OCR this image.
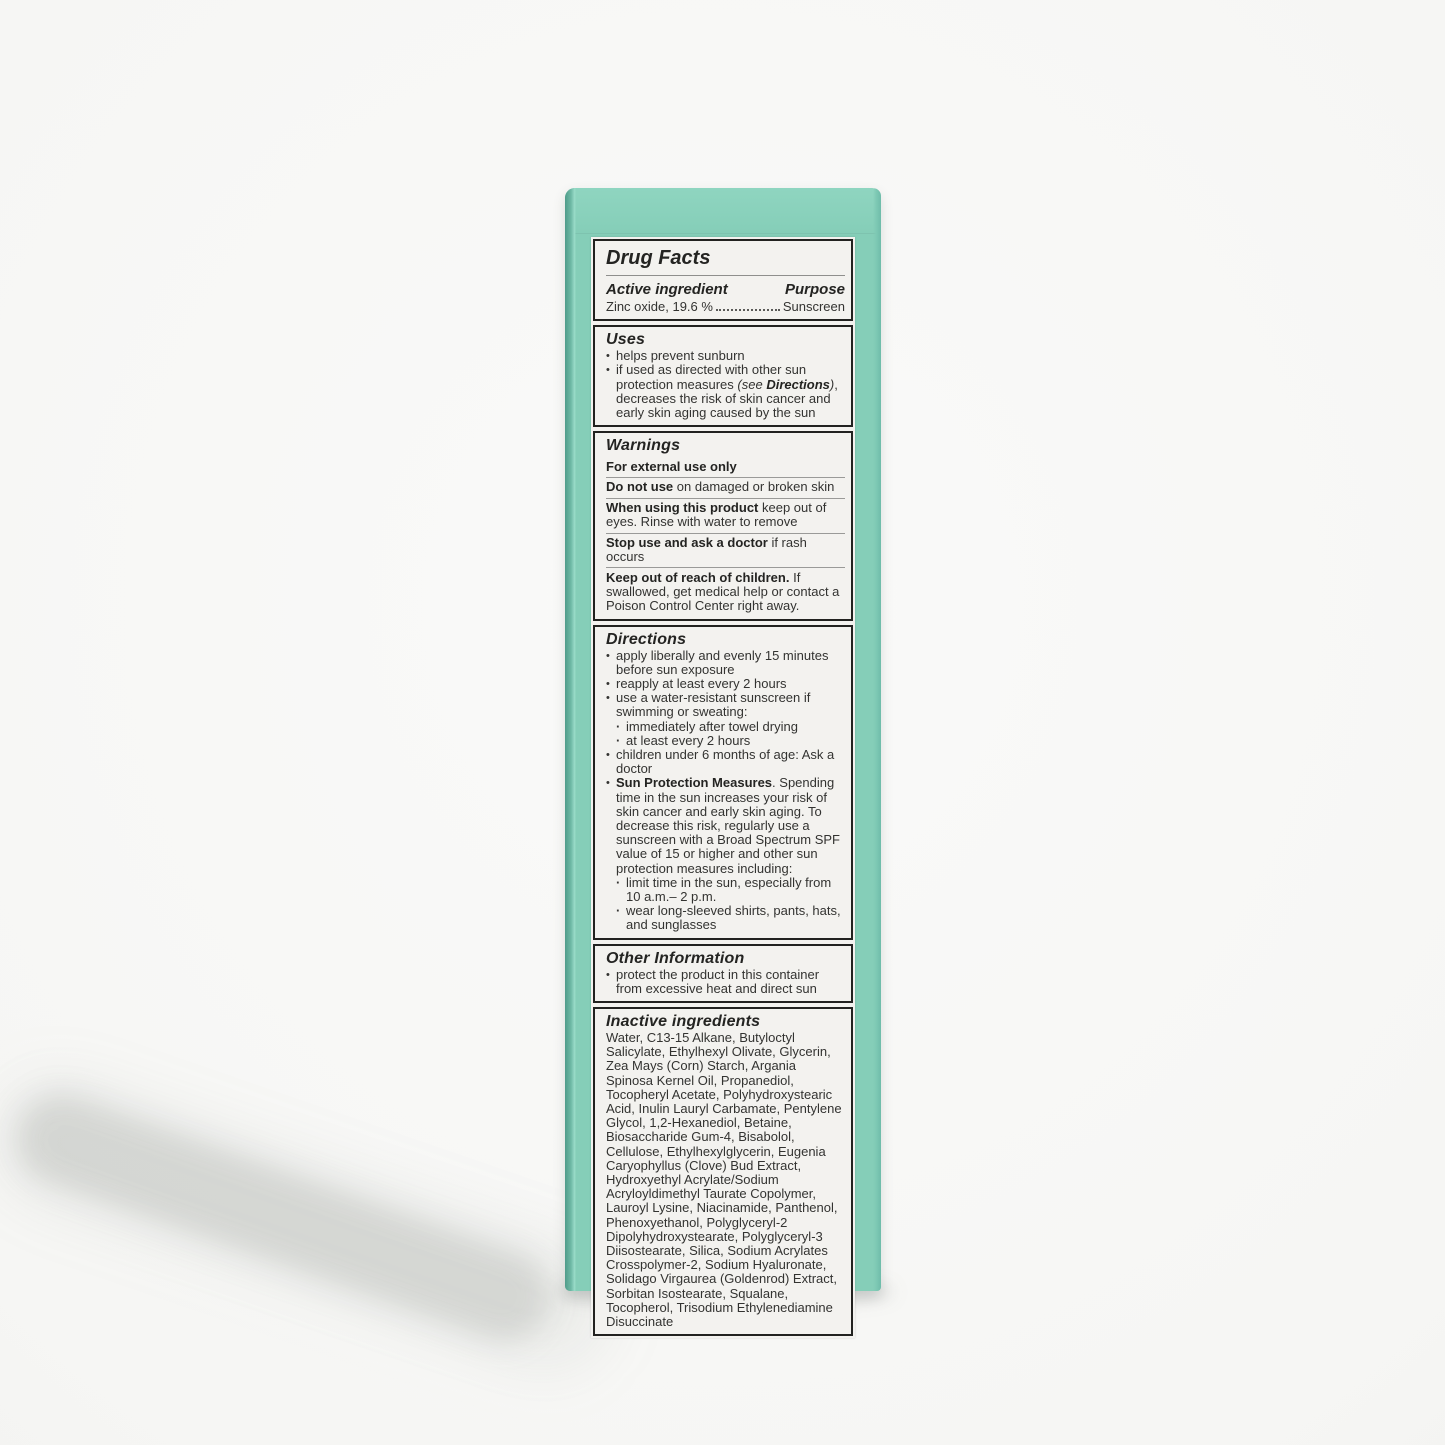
Drug Facts
Active ingredient	Purpose
Zinc oxide, 19.6 %	Sunscreen
Uses
• helps prevent sunburn
• if used as directed with other sun protection measures (see Directions), decreases the risk of skin cancer and early skin aging caused by the sun
Warnings
For external use only
Do not use on damaged or broken skin
When using this product keep out of eyes. Rinse with water to remove
Stop use and ask a doctor if rash occurs
Keep out of reach of children. If swallowed, get medical help or contact a Poison Control Center right away.
Directions
• apply liberally and evenly 15 minutes before sun exposure
• reapply at least every 2 hours
• use a water-resistant sunscreen if swimming or sweating:
· immediately after towel drying
· at least every 2 hours
• children under 6 months of age: Ask a doctor
• Sun Protection Measures. Spending time in the sun increases your risk of skin cancer and early skin aging. To decrease this risk, regularly use a sunscreen with a Broad Spectrum SPF value of 15 or higher and other sun protection measures including:
· limit time in the sun, especially from 10 a.m.– 2 p.m.
· wear long-sleeved shirts, pants, hats, and sunglasses
Other Information
• protect the product in this container from excessive heat and direct sun
Inactive ingredients
Water, C13-15 Alkane, Butyloctyl Salicylate, Ethylhexyl Olivate, Glycerin, Zea Mays (Corn) Starch, Argania Spinosa Kernel Oil, Propanediol, Tocopheryl Acetate, Polyhydroxystearic Acid, Inulin Lauryl Carbamate, Pentylene Glycol, 1,2-Hexanediol, Betaine, Biosaccharide Gum-4, Bisabolol, Cellulose, Ethylhexylglycerin, Eugenia Caryophyllus (Clove) Bud Extract, Hydroxyethyl Acrylate/Sodium Acryloyldimethyl Taurate Copolymer, Lauroyl Lysine, Niacinamide, Panthenol, Phenoxyethanol, Polyglyceryl-2 Dipolyhydroxystearate, Polyglyceryl-3 Diisostearate, Silica, Sodium Acrylates Crosspolymer-2, Sodium Hyaluronate, Solidago Virgaurea (Goldenrod) Extract, Sorbitan Isostearate, Squalane, Tocopherol, Trisodium Ethylenediamine Disuccinate
